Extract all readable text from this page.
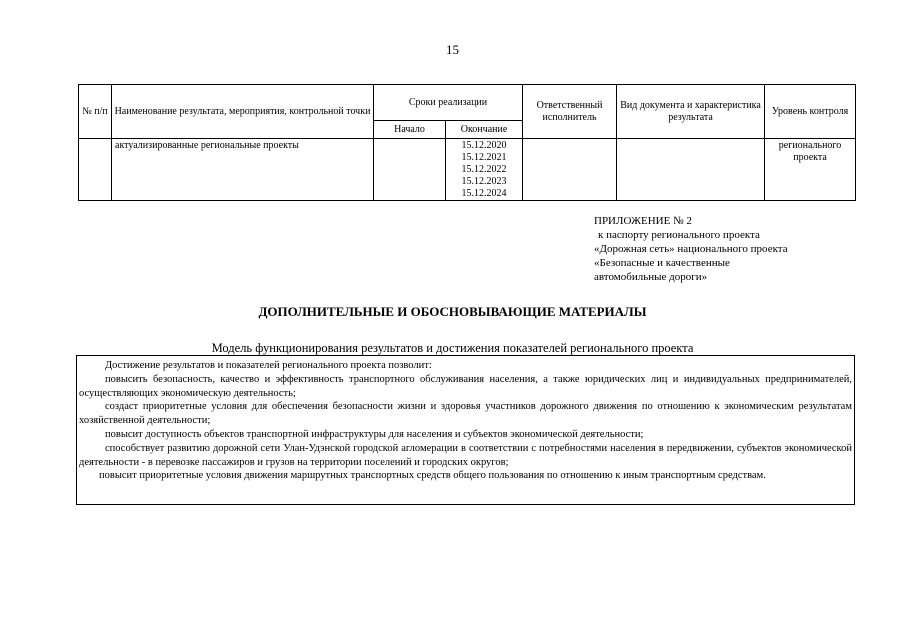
15
№ п/п	Наименование результата, мероприятия, контрольной точки	Сроки реализации		Ответственный исполнитель	Вид документа и характеристика результата	Уровень контроля
		Начало	Окончание			
	актуализированные региональные проекты		15.12.2020
15.12.2021
15.12.2022
15.12.2023
15.12.2024			регионального проекта
ПРИЛОЖЕНИЕ № 2
к паспорту регионального проекта
«Дорожная сеть» национального проекта
«Безопасные и качественные
автомобильные дороги»
ДОПОЛНИТЕЛЬНЫЕ И ОБОСНОВЫВАЮЩИЕ МАТЕРИАЛЫ
Модель функционирования результатов и достижения показателей регионального проекта

Достижение результатов и показателей регионального проекта позволит:

повысить безопасность, качество и эффективность транспортного обслуживания населения, а также юридических лиц и индивидуальных предпринимателей, осуществляющих экономическую деятельность;

создаст приоритетные условия для обеспечения безопасности жизни и здоровья участников дорожного движения по отношению к экономическим результатам хозяйственной деятельности;

повысит доступность объектов транспортной инфраструктуры для населения и субъектов экономической деятельности;

способствует развитию дорожной сети Улан-Удэнской городской агломерации в соответствии с потребностями населения в передвижении, субъектов экономической деятельности - в перевозке пассажиров и грузов на территории поселений и городских округов;

повысит приоритетные условия движения маршрутных транспортных средств общего пользования по отношению к иным транспортным средствам.
